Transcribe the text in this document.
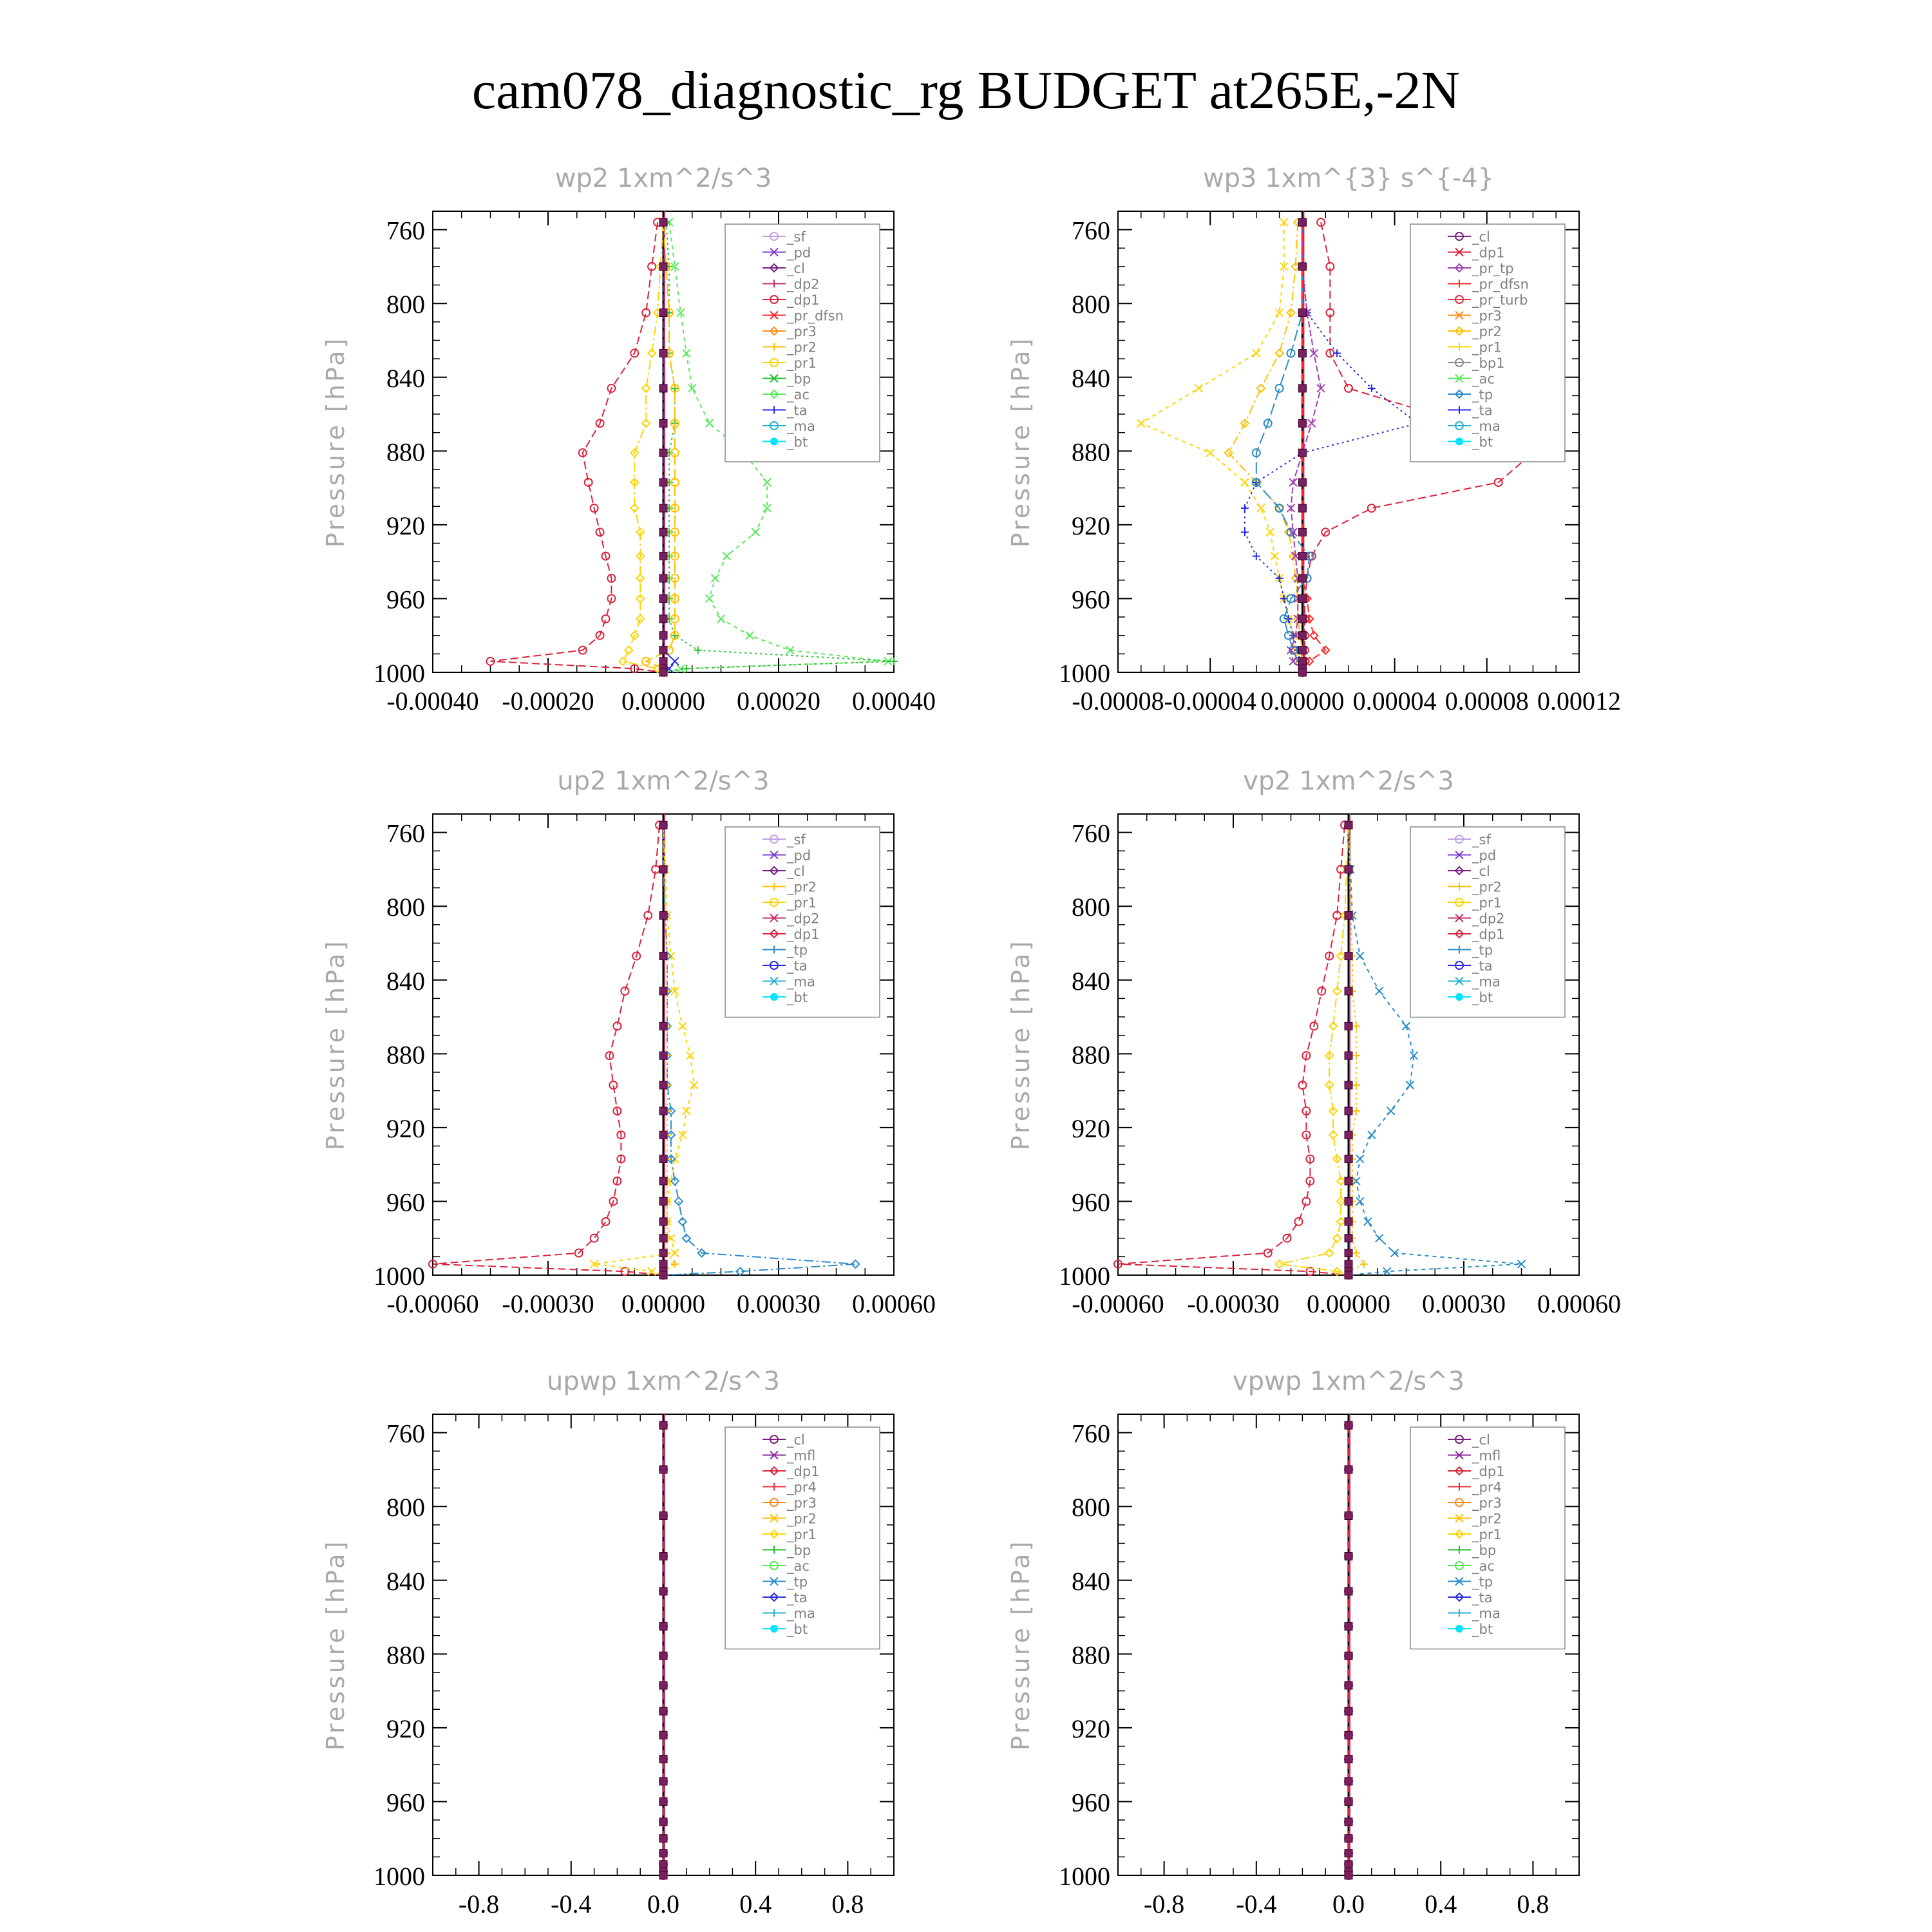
cam078_diagnostic_rg BUDGET at265E,-2N
wp2 1xm^2/s^3
760
800
840
880
920
960
1000
-0.00040 -0.00020 0.00000 0.00020 0.00040
Pressure [hPa]
_sf
_pd
_cl
_dp2
_dp1
_pr_dfsn
_pr3
_pr2
_pr1
_bp
_ac
_ta
_ma
_bt
wp3 1xm^{3} s^{-4}
760
800
840
880
920
960
1000
-0.00008 -0.00004 0.00000 0.00004 0.00008 0.00012
Pressure [hPa]
_cl
_dp1
_pr_tp
_pr_dfsn
_pr_turb
_pr3
_pr2
_pr1
_bp1
_ac
_tp
_ta
_ma
_bt
up2 1xm^2/s^3
760
800
840
880
920
960
1000
-0.00060 -0.00030 0.00000 0.00030 0.00060
Pressure [hPa]
_sf
_pd
_cl
_pr2
_pr1
_dp2
_dp1
_tp
_ta
_ma
_bt
vp2 1xm^2/s^3
760
800
840
880
920
960
1000
-0.00060 -0.00030 0.00000 0.00030 0.00060
Pressure [hPa]
_sf
_pd
_cl
_pr2
_pr1
_dp2
_dp1
_tp
_ta
_ma
_bt
upwp 1xm^2/s^3
760
800
840
880
920
960
1000
-0.8 -0.4 0.0 0.4 0.8
Pressure [hPa]
_cl
_mfl
_dp1
_pr4
_pr3
_pr2
_pr1
_bp
_ac
_tp
_ta
_ma
_bt
vpwp 1xm^2/s^3
760
800
840
880
920
960
1000
-0.8 -0.4 0.0 0.4 0.8
Pressure [hPa]
_cl
_mfl
_dp1
_pr4
_pr3
_pr2
_pr1
_bp
_ac
_tp
_ta
_ma
_bt
